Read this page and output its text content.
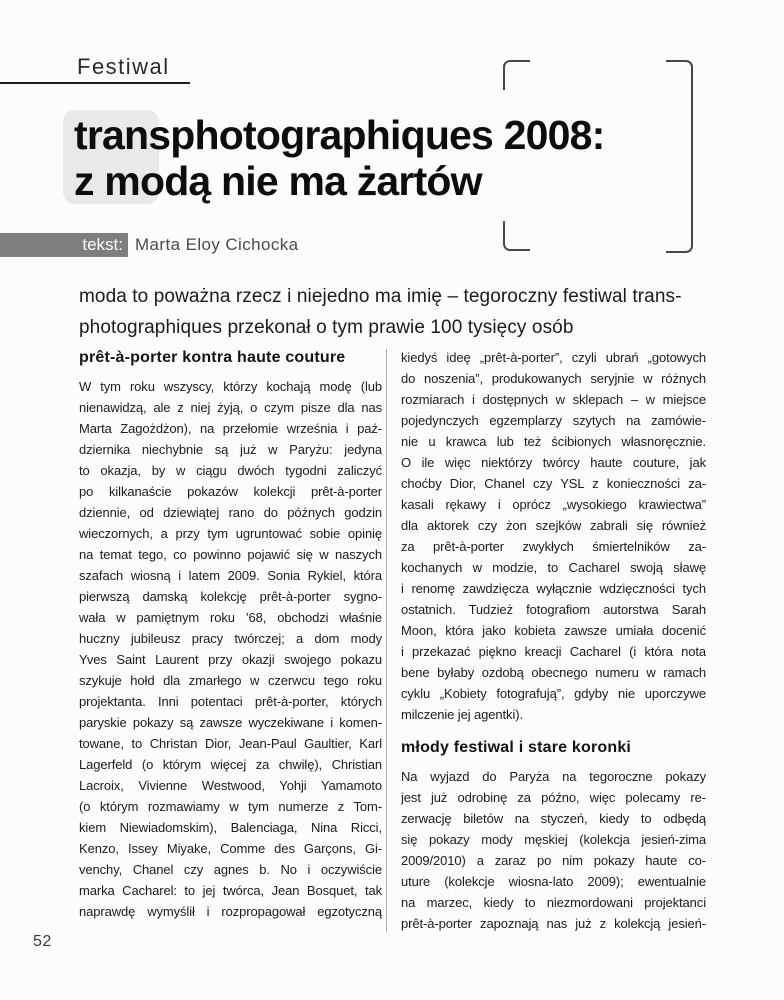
Festiwal
transphotographiques 2008:
z modą nie ma żartów
tekst: Marta Eloy Cichocka
moda to poważna rzecz i niejedno ma imię – tegoroczny festiwal trans-
photographiques przekonał o tym prawie 100 tysięcy osób
prêt-à-porter kontra haute couture
W tym roku wszyscy, którzy kochają modę (lub
nienawidzą, ale z niej żyją, o czym pisze dla nas
Marta Zagożdżon), na przełomie września i paź-
dziernika niechybnie są już w Paryżu: jedyna
to okazja, by w ciągu dwóch tygodni zaliczyć
po kilkanaście pokazów kolekcji prêt-à-porter
dziennie, od dziewiątej rano do późnych godzin
wieczornych, a przy tym ugruntować sobie opinię
na temat tego, co powinno pojawić się w naszych
szafach wiosną i latem 2009. Sonia Rykiel, która
pierwszą damską kolekcję prêt-à-porter sygno-
wała w pamiętnym roku ’68, obchodzi właśnie
huczny jubileusz pracy twórczej; a dom mody
Yves Saint Laurent przy okazji swojego pokazu
szykuje hołd dla zmarłego w czerwcu tego roku
projektanta. Inni potentaci prêt-à-porter, których
paryskie pokazy są zawsze wyczekiwane i komen-
towane, to Christan Dior, Jean-Paul Gaultier, Karl
Lagerfeld (o którym więcej za chwilę), Christian
Lacroix, Vivienne Westwood, Yohji Yamamoto
(o którym rozmawiamy w tym numerze z Tom-
kiem Niewiadomskim), Balenciaga, Nina Ricci,
Kenzo, Issey Miyake, Comme des Garçons, Gi-
venchy, Chanel czy agnes b. No i oczywiście
marka Cacharel: to jej twórca, Jean Bosquet, tak
naprawdę wymyślił i rozpropagował egzotyczną
kiedyś ideę „prêt-à-porter”, czyli ubrań „gotowych
do noszenia”, produkowanych seryjnie w różnych
rozmiarach i dostępnych w sklepach – w miejsce
pojedynczych egzemplarzy szytych na zamówie-
nie u krawca lub też ścibionych własnoręcznie.
O ile więc niektórzy twórcy haute couture, jak
choćby Dior, Chanel czy YSL z konieczności za-
kasali rękawy i oprócz „wysokiego krawiectwa”
dla aktorek czy żon szejków zabrali się również
za prêt-à-porter zwykłych śmiertelników za-
kochanych w modzie, to Cacharel swoją sławę
i renomę zawdzięcza wyłącznie wdzięczności tych
ostatnich. Tudzież fotografiom autorstwa Sarah
Moon, która jako kobieta zawsze umiała docenić
i przekazać piękno kreacji Cacharel (i która nota
bene byłaby ozdobą obecnego numeru w ramach
cyklu „Kobiety fotografują”, gdyby nie uporczywe
milczenie jej agentki).
młody festiwal i stare koronki
Na wyjazd do Paryża na tegoroczne pokazy
jest już odrobinę za późno, więc polecamy re-
zerwację biletów na styczeń, kiedy to odbędą
się pokazy mody męskiej (kolekcja jesień-zima
2009/2010) a zaraz po nim pokazy haute co-
uture (kolekcje wiosna-lato 2009); ewentualnie
na marzec, kiedy to niezmordowani projektanci
prêt-à-porter zapoznają nas już z kolekcją jesień-
52
